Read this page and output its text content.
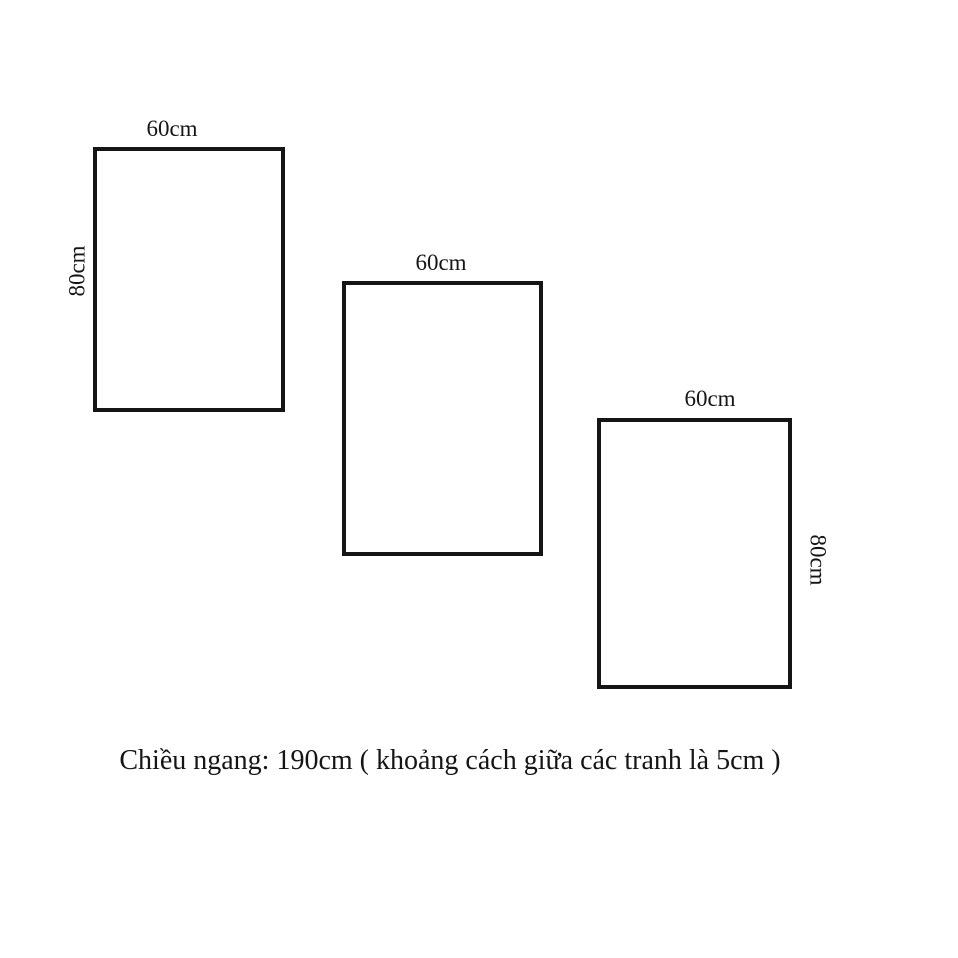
60cm
80cm	60cm
60cm
80cm
Chiều ngang: 190cm ( khoảng cách giữa các tranh là 5cm )
